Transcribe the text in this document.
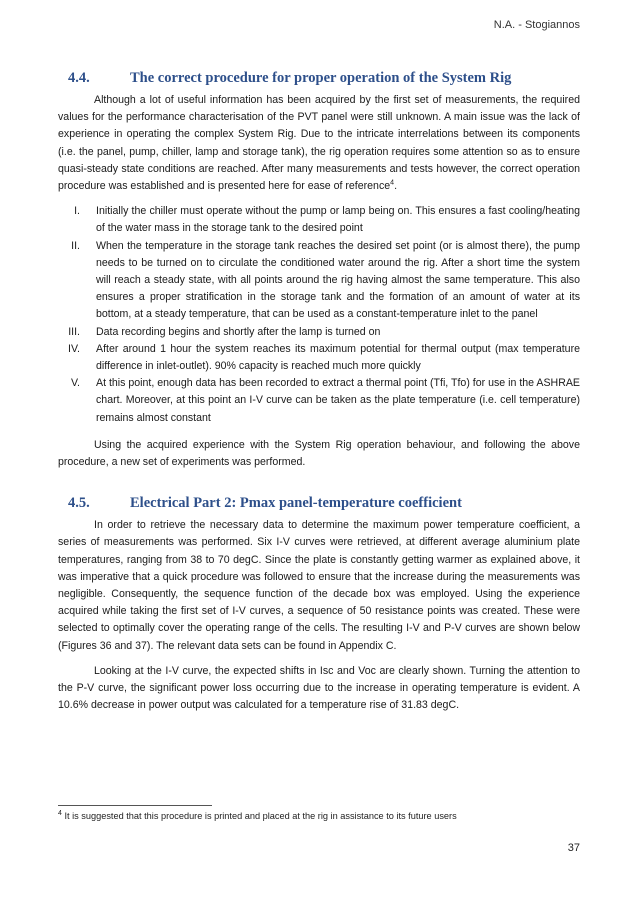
N.A. - Stogiannos
4.4.	The correct procedure for proper operation of the System Rig

Although a lot of useful information has been acquired by the first set of measurements, the required values for the performance characterisation of the PVT panel were still unknown. A main issue was the lack of experience in operating the complex System Rig. Due to the intricate interrelations between its components (i.e. the panel, pump, chiller, lamp and storage tank), the rig operation requires some attention so as to ensure quasi-steady state conditions are reached. After many measurements and tests however, the correct operation procedure was established and is presented here for ease of reference$^4$.

I. Initially the chiller must operate without the pump or lamp being on. This ensures a fast cooling/heating of the water mass in the storage tank to the desired point
II. When the temperature in the storage tank reaches the desired set point (or is almost there), the pump needs to be turned on to circulate the conditioned water around the rig. After a short time the system will reach a steady state, with all points around the rig having almost the same temperature. This also ensures a proper stratification in the storage tank and the formation of an amount of water at its bottom, at a steady temperature, that can be used as a constant-temperature inlet to the panel
III. Data recording begins and shortly after the lamp is turned on
IV. After around 1 hour the system reaches its maximum potential for thermal output (max temperature difference in inlet-outlet). 90% capacity is reached much more quickly
V. At this point, enough data has been recorded to extract a thermal point (Tfi, Tfo) for use in the ASHRAE chart. Moreover, at this point an I-V curve can be taken as the plate temperature (i.e. cell temperature) remains almost constant

Using the acquired experience with the System Rig operation behaviour, and following the above procedure, a new set of experiments was performed.

4.5.	Electrical Part 2: Pmax panel-temperature coefficient

In order to retrieve the necessary data to determine the maximum power temperature coefficient, a series of measurements was performed. Six I-V curves were retrieved, at different average aluminium plate temperatures, ranging from 38 to 70 degC. Since the plate is constantly getting warmer as explained above, it was imperative that a quick procedure was followed to ensure that the increase during the measurements was negligible. Consequently, the sequence function of the decade box was employed. Using the experience acquired while taking the first set of I-V curves, a sequence of 50 resistance points was created. These were selected to optimally cover the operating range of the cells. The resulting I-V and P-V curves are shown below (Figures 36 and 37). The relevant data sets can be found in Appendix C.

Looking at the I-V curve, the expected shifts in Isc and Voc are clearly shown. Turning the attention to the P-V curve, the significant power loss occurring due to the increase in operating temperature is evident. A 10.6% decrease in power output was calculated for a temperature rise of 31.83 degC.

$^4$ It is suggested that this procedure is printed and placed at the rig in assistance to its future users
37
